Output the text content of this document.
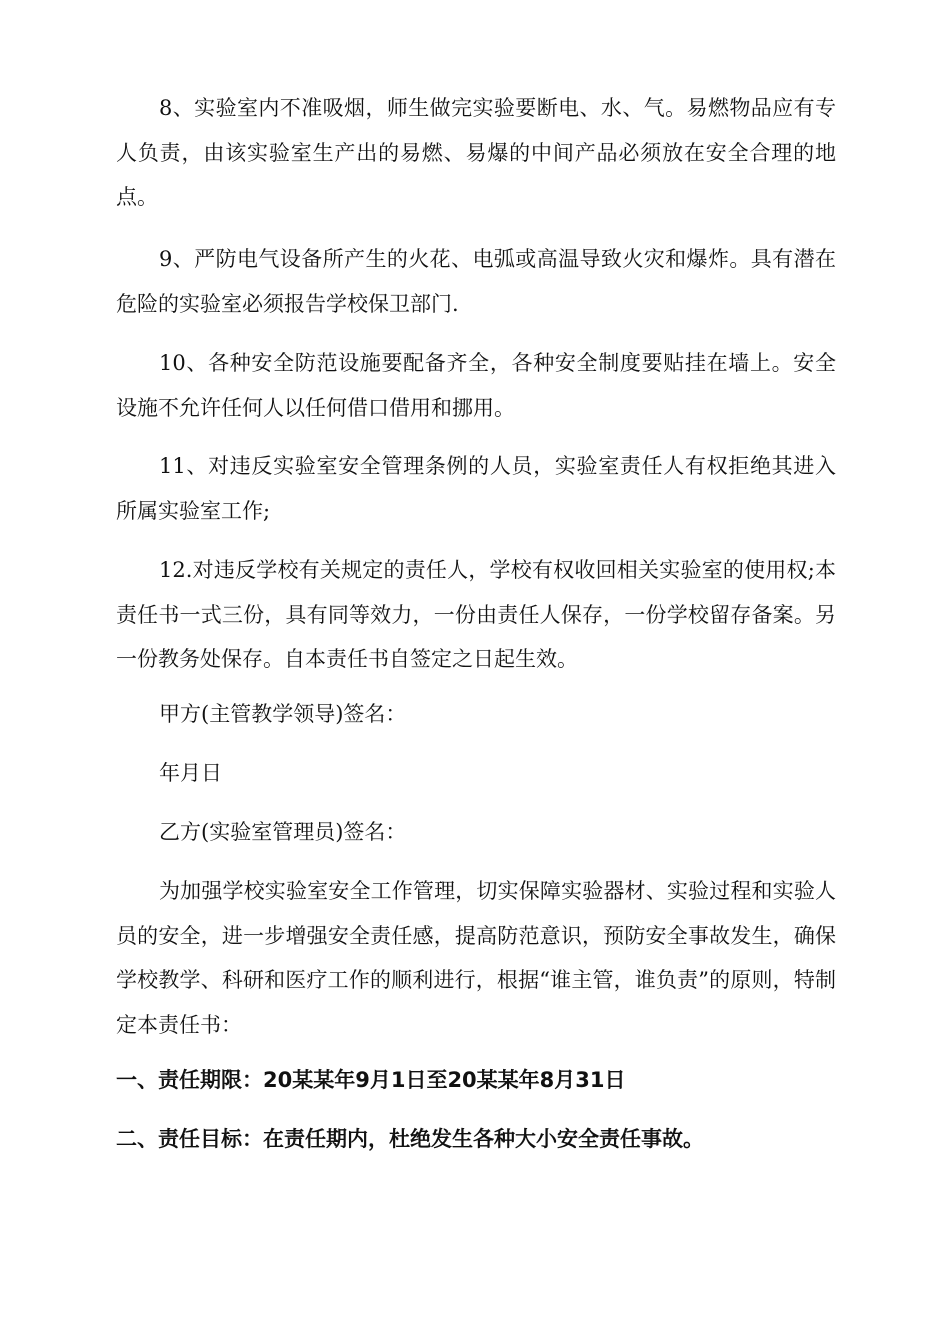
8、实验室内不准吸烟，师生做完实验要断电、水、气。易燃物品应有专人负责，由该实验室生产出的易燃、易爆的中间产品必须放在安全合理的地点。

9、严防电气设备所产生的火花、电弧或高温导致火灾和爆炸。具有潜在危险的实验室必须报告学校保卫部门.

10、各种安全防范设施要配备齐全，各种安全制度要贴挂在墙上。安全设施不允许任何人以任何借口借用和挪用。

11、对违反实验室安全管理条例的人员，实验室责任人有权拒绝其进入所属实验室工作;

12.对违反学校有关规定的责任人，学校有权收回相关实验室的使用权;本责任书一式三份，具有同等效力，一份由责任人保存，一份学校留存备案。另一份教务处保存。自本责任书自签定之日起生效。

甲方(主管教学领导)签名：

年月日

乙方(实验室管理员)签名：

为加强学校实验室安全工作管理，切实保障实验器材、实验过程和实验人员的安全，进一步增强安全责任感，提高防范意识，预防安全事故发生，确保学校教学、科研和医疗工作的顺利进行，根据“谁主管，谁负责”的原则，特制定本责任书：

一、责任期限：20某某年9月1日至20某某年8月31日

二、责任目标：在责任期内，杜绝发生各种大小安全责任事故。
